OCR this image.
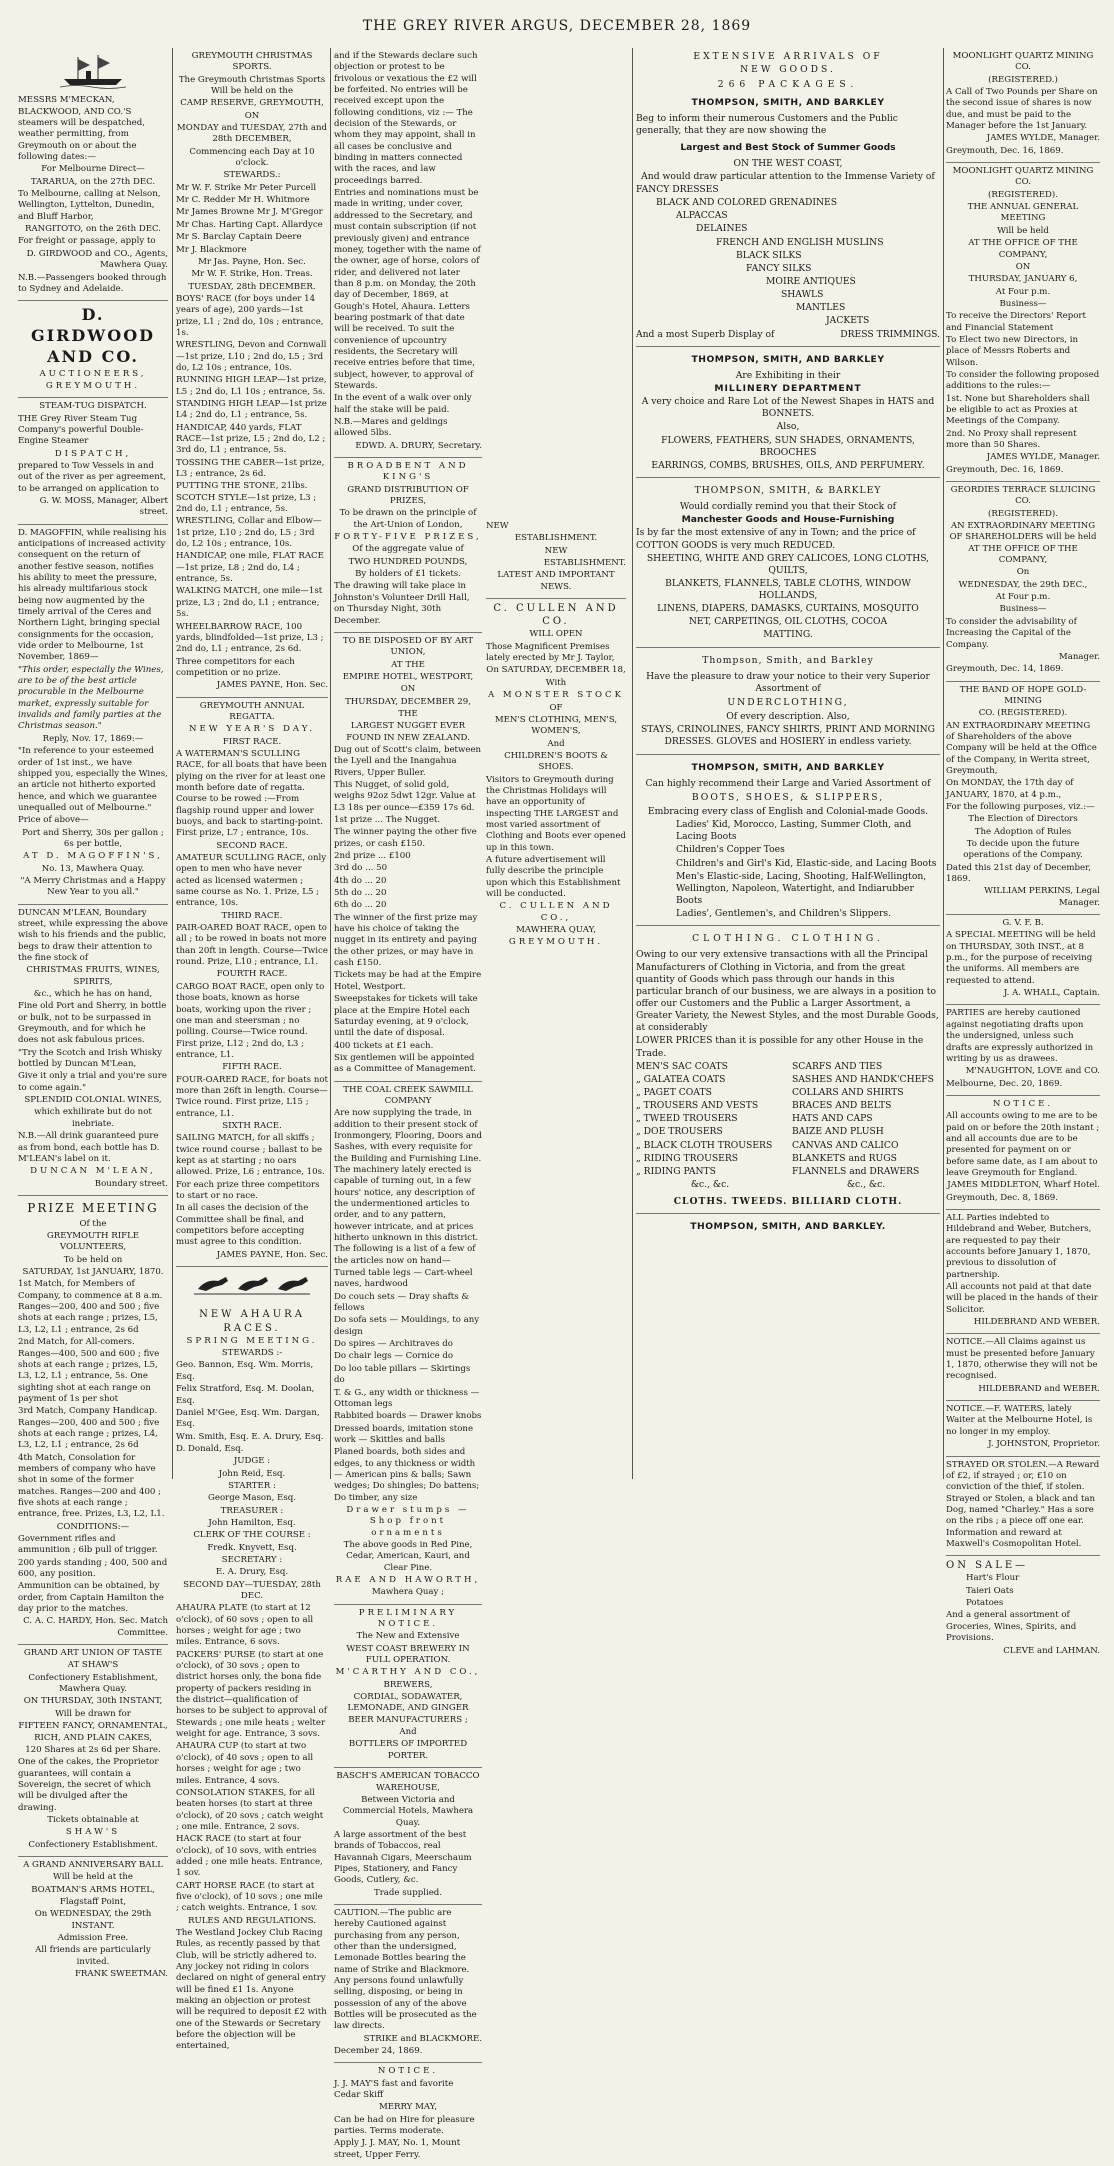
THE GREY RIVER ARGUS, DECEMBER 28, 1869

MESSRS M'MECKAN, BLACKWOOD, AND CO.'S steamers will be despatched, weather permitting, from Greymouth on or about the following dates:—

For Melbourne Direct—

TARARUA, on the 27th DEC.

To Melbourne, calling at Nelson, Wellington, Lyttelton, Dunedin, and Bluff Harbor,

RANGITOTO, on the 26th DEC.

For freight or passage, apply to

D. GIRDWOOD and CO., Agents, Mawhera Quay.

N.B.—Passengers booked through to Sydney and Adelaide.

D. GIRDWOOD AND CO.

AUCTIONEERS,

GREYMOUTH.

STEAM-TUG DISPATCH.

THE Grey River Steam Tug Company's powerful Double-Engine Steamer

DISPATCH,

prepared to Tow Vessels in and out of the river as per agreement, to be arranged on application to

G. W. MOSS, Manager, Albert street.

D. MAGOFFIN, while realising his anticipations of increased activity consequent on the return of another festive season, notifies his ability to meet the pressure, his already multifarious stock being now augmented by the timely arrival of the Ceres and Northern Light, bringing special consignments for the occasion, vide order to Melbourne, 1st November, 1869—

"This order, especially the Wines, are to be of the best article procurable in the Melbourne market, expressly suitable for invalids and family parties at the Christmas season."

Reply, Nov. 17, 1869:—

"In reference to your esteemed order of 1st inst., we have shipped you, especially the Wines, an article not hitherto exported hence, and which we guarantee unequalled out of Melbourne."

Price of above—

Port and Sherry, 30s per gallon ; 6s per bottle,

AT D. MAGOFFIN'S,

No. 13, Mawhera Quay.

"A Merry Christmas and a Happy New Year to you all."

DUNCAN M'LEAN, Boundary street, while expressing the above wish to his friends and the public, begs to draw their attention to the fine stock of

CHRISTMAS FRUITS, WINES, SPIRITS,

&c., which he has on hand,

Fine old Port and Sherry, in bottle or bulk, not to be surpassed in Greymouth, and for which he does not ask fabulous prices.

"Try the Scotch and Irish Whisky bottled by Duncan M'Lean,

Give it only a trial and you're sure to come again."

SPLENDID COLONIAL WINES,

which exhilirate but do not inebriate.

N.B.—All drink guaranteed pure as from bond, each bottle has D. M'LEAN's label on it.

DUNCAN M'LEAN,

Boundary street.

PRIZE MEETING

Of the

GREYMOUTH RIFLE VOLUNTEERS,

To be held on

SATURDAY, 1st JANUARY, 1870.

1st Match, for Members of Company, to commence at 8 a.m. Ranges—200, 400 and 500 ; five shots at each range ; prizes, L5, L3, L2, L1 ; entrance, 2s 6d

2nd Match, for All-comers. Ranges—400, 500 and 600 ; five shots at each range ; prizes, L5, L3, L2, L1 ; entrance, 5s. One sighting shot at each range on payment of 1s per shot

3rd Match, Company Handicap. Ranges—200, 400 and 500 ; five shots at each range ; prizes, L4, L3, L2, L1 ; entrance, 2s 6d

4th Match, Consolation for members of company who have shot in some of the former matches. Ranges—200 and 400 ; five shots at each range ; entrance, free. Prizes, L3, L2, L1.

CONDITIONS:—

Government rifles and ammunition ; 6lb pull of trigger.

200 yards standing ; 400, 500 and 600, any position.

Ammunition can be obtained, by order, from Captain Hamilton the day prior to the matches.

C. A. C. HARDY, Hon. Sec. Match Committee.

GRAND ART UNION OF TASTE

AT SHAW'S

Confectionery Establishment, Mawhera Quay.

ON THURSDAY, 30th INSTANT,

Will be drawn for

FIFTEEN FANCY, ORNAMENTAL, RICH, AND PLAIN CAKES,

120 Shares at 2s 6d per Share.

One of the cakes, the Proprietor guarantees, will contain a Sovereign, the secret of which will be divulged after the drawing.

Tickets obtainable at

SHAW'S

Confectionery Establishment.

A GRAND ANNIVERSARY BALL

Will be held at the

BOATMAN'S ARMS HOTEL,

Flagstaff Point,

On WEDNESDAY, the 29th INSTANT.

Admission Free.

All friends are particularly invited.

FRANK SWEETMAN.

GREYMOUTH CHRISTMAS SPORTS.

The Greymouth Christmas Sports Will be held on the

CAMP RESERVE, GREYMOUTH,

ON

MONDAY and TUESDAY, 27th and 28th DECEMBER,

Commencing each Day at 10 o'clock.

STEWARDS.:

Mr W. F. Strike Mr Peter Purcell

Mr C. Redder Mr H. Whitmore

Mr James Browne Mr J. M'Gregor

Mr Chas. Harting Capt. Allardyce

Mr S. Barclay Captain Deere

Mr J. Blackmore

Mr Jas. Payne, Hon. Sec.

Mr W. F. Strike, Hon. Treas.

TUESDAY, 28th DECEMBER.

BOYS' RACE (for boys under 14 years of age), 200 yards—1st prize, L1 ; 2nd do, 10s ; entrance, 1s.

WRESTLING, Devon and Cornwall—1st prize, L10 ; 2nd do, L5 ; 3rd do, L2 10s ; entrance, 10s.

RUNNING HIGH LEAP—1st prize, L5 ; 2nd do, L1 10s ; entrance, 5s.

STANDING HIGH LEAP—1st prize L4 ; 2nd do, L1 ; entrance, 5s.

HANDICAP, 440 yards, FLAT RACE—1st prize, L5 ; 2nd do, L2 ; 3rd do, L1 ; entrance, 5s.

TOSSING THE CABER—1st prize, L3 ; entrance, 2s 6d.

PUTTING THE STONE, 21lbs. SCOTCH STYLE—1st prize, L3 ; 2nd do, L1 ; entrance, 5s.

WRESTLING, Collar and Elbow—1st prize, L10 ; 2nd do, L5 ; 3rd do, L2 10s ; entrance, 10s.

HANDICAP, one mile, FLAT RACE—1st prize, L8 ; 2nd do, L4 ; entrance, 5s.

WALKING MATCH, one mile—1st prize, L3 ; 2nd do, L1 ; entrance, 5s.

WHEELBARROW RACE, 100 yards, blindfolded—1st prize, L3 ; 2nd do, L1 ; entrance, 2s 6d.

Three competitors for each competition or no prize.

JAMES PAYNE, Hon. Sec.

GREYMOUTH ANNUAL REGATTA.

NEW YEAR'S DAY.

FIRST RACE.

A WATERMAN'S SCULLING RACE, for all boats that have been plying on the river for at least one month before date of regatta. Course to be rowed :—From flagship round upper and lower buoys, and back to starting-point. First prize, L7 ; entrance, 10s.

SECOND RACE.

AMATEUR SCULLING RACE, only open to men who have never acted as licensed watermen ; same course as No. 1. Prize, L5 ; entrance, 10s.

THIRD RACE.

PAIR-OARED BOAT RACE, open to all ; to be rowed in boats not more than 20ft in length. Course—Twice round. Prize, L10 ; entrance, L1.

FOURTH RACE.

CARGO BOAT RACE, open only to those boats, known as horse boats, working upon the river ; one man and steersman ; no polling. Course—Twice round. First prize, L12 ; 2nd do, L3 ; entrance, L1.

FIFTH RACE.

FOUR-OARED RACE, for boats not more than 26ft in length. Course—Twice round. First prize, L15 ; entrance, L1.

SIXTH RACE.

SAILING MATCH, for all skiffs ; twice round course ; ballast to be kept as at starting ; no oars allowed. Prize, L6 ; entrance, 10s.

For each prize three competitors to start or no race.

In all cases the decision of the Committee shall be final, and competitors before accepting must agree to this condition.

JAMES PAYNE, Hon. Sec.

NEW AHAURA RACES.

SPRING MEETING.

STEWARDS :-

Geo. Bannon, Esq. Wm. Morris, Esq.

Felix Stratford, Esq. M. Doolan, Esq.

Daniel M'Gee, Esq. Wm. Dargan, Esq.

Wm. Smith, Esq. E. A. Drury, Esq.

D. Donald, Esq.

JUDGE :

John Reid, Esq.

STARTER :

George Mason, Esq.

TREASURER :

John Hamilton, Esq.

CLERK OF THE COURSE :

Fredk. Knyvett, Esq.

SECRETARY :

E. A. Drury, Esq.

SECOND DAY—TUESDAY, 28th DEC.

AHAURA PLATE (to start at 12 o'clock), of 60 sovs ; open to all horses ; weight for age ; two miles. Entrance, 6 sovs.

PACKERS' PURSE (to start at one o'clock), of 30 sovs ; open to district horses only, the bona fide property of packers residing in the district—qualification of horses to be subject to approval of Stewards ; one mile heats ; welter weight for age. Entrance, 3 sovs.

AHAURA CUP (to start at two o'clock), of 40 sovs ; open to all horses ; weight for age ; two miles. Entrance, 4 sovs.

CONSOLATION STAKES, for all beaten horses (to start at three o'clock), of 20 sovs ; catch weight ; one mile. Entrance, 2 sovs.

HACK RACE (to start at four o'clock), of 10 sovs, with entries added ; one mile heats. Entrance, 1 sov.

CART HORSE RACE (to start at five o'clock), of 10 sovs ; one mile ; catch weights. Entrance, 1 sov.

RULES AND REGULATIONS.

The Westland Jockey Club Racing Rules, as recently passed by that Club, will be strictly adhered to. Any jockey not riding in colors declared on night of general entry will be fined £1 1s. Anyone making an objection or protest will be required to deposit £2 with one of the Stewards or Secretary before the objection will be entertained,

and if the Stewards declare such objection or protest to be frivolous or vexatious the £2 will be forfeited. No entries will be received except upon the following conditions, viz :— The decision of the Stewards, or whom they may appoint, shall in all cases be conclusive and binding in matters connected with the races, and law proceedings barred.

Entries and nominations must be made in writing, under cover, addressed to the Secretary, and must contain subscription (if not previously given) and entrance money, together with the name of the owner, age of horse, colors of rider, and delivered not later than 8 p.m. on Monday, the 20th day of December, 1869, at Gough's Hotel, Ahaura. Letters bearing postmark of that date will be received. To suit the convenience of upcountry residents, the Secretary will receive entries before that time, subject, however, to approval of Stewards.

In the event of a walk over only half the stake will be paid.

N.B.—Mares and geldings allowed 5lbs.

EDWD. A. DRURY, Secretary.

BROADBENT AND KING'S

GRAND DISTRIBUTION OF PRIZES,

To be drawn on the principle of the Art-Union of London,

FORTY-FIVE PRIZES,

Of the aggregate value of

TWO HUNDRED POUNDS,

By holders of £1 tickets.

The drawing will take place in Johnston's Volunteer Drill Hall, on Thursday Night, 30th December.

TO BE DISPOSED OF BY ART UNION,

AT THE

EMPIRE HOTEL, WESTPORT,

ON

THURSDAY, DECEMBER 29,

THE

LARGEST NUGGET EVER FOUND IN NEW ZEALAND.

Dug out of Scott's claim, between the Lyell and the Inangahua Rivers, Upper Buller.

This Nugget, of solid gold, weighs 92oz 5dwt 12gr. Value at L3 18s per ounce—£359 17s 6d.

1st prize ... The Nugget.

The winner paying the other five prizes, or cash £150.

2nd prize ... £100

3rd do ... 50

4th do ... 20

5th do ... 20

6th do ... 20

The winner of the first prize may have his choice of taking the nugget in its entirety and paying the other prizes, or may have in cash £150.

Tickets may be had at the Empire Hotel, Westport.

Sweepstakes for tickets will take place at the Empire Hotel each Saturday evening, at 9 o'clock, until the date of disposal.

400 tickets at £1 each.

Six gentlemen will be appointed as a Committee of Management.

THE COAL CREEK SAWMILL COMPANY

Are now supplying the trade, in addition to their present stock of Ironmongery, Flooring, Doors and Sashes, with every requisite for the Building and Furnishing Line. The machinery lately erected is capable of turning out, in a few hours' notice, any description of the undermentioned articles to order, and to any pattern, however intricate, and at prices hitherto unknown in this district. The following is a list of a few of the articles now on hand—

Turned table legs — Cart-wheel naves, hardwood

Do couch sets — Dray shafts & fellows

Do sofa sets — Mouldings, to any design

Do spires — Architraves do

Do chair legs — Cornice do

Do loo table pillars — Skirtings do

T. & G., any width or thickness — Ottoman legs

Rabbited boards — Drawer knobs

Dressed boards, imitation stone work — Skittles and balls

Planed boards, both sides and edges, to any thickness or width — American pins & balls; Sawn wedges; Do shingles; Do battens; Do timber, any size

Drawer stumps — Shop front ornaments

The above goods in Red Pine, Cedar, American, Kauri, and Clear Pine.

RAE AND HAWORTH,

Mawhera Quay ;

PRELIMINARY NOTICE.

The New and Extensive

WEST COAST BREWERY IN FULL OPERATION.

M'CARTHY AND CO.,

BREWERS,

CORDIAL, SODAWATER, LEMONADE, AND GINGER BEER MANUFACTURERS ;

And

BOTTLERS OF IMPORTED PORTER.

BASCH'S AMERICAN TOBACCO WAREHOUSE,

Between Victoria and Commercial Hotels, Mawhera Quay.

A large assortment of the best brands of Tobaccos, real Havannah Cigars, Meerschaum Pipes, Stationery, and Fancy Goods, Cutlery, &c.

Trade supplied.

CAUTION.—The public are hereby Cautioned against purchasing from any person, other than the undersigned, Lemonade Bottles bearing the name of Strike and Blackmore. Any persons found unlawfully selling, disposing, or being in possession of any of the above Bottles will be prosecuted as the law directs.

STRIKE and BLACKMORE.

December 24, 1869.

NOTICE.

J. J. MAY'S fast and favorite Cedar Skiff

MERRY MAY,

Can be had on Hire for pleasure parties. Terms moderate.

Apply J. J. MAY, No. 1, Mount street, Upper Ferry.

NEW

ESTABLISHMENT.

NEW

ESTABLISHMENT.

LATEST AND IMPORTANT NEWS.

C. CULLEN AND CO.

WILL OPEN

Those Magnificent Premises lately erected by Mr J. Taylor,

On SATURDAY, DECEMBER 18,

With

A MONSTER STOCK

OF

MEN'S CLOTHING, MEN'S, WOMEN'S,

And

CHILDREN'S BOOTS & SHOES.

Visitors to Greymouth during the Christmas Holidays will have an opportunity of inspecting THE LARGEST and most varied assortment of Clothing and Boots ever opened up in this town.

A future advertisement will fully describe the principle upon which this Establishment will be conducted.

C. CULLEN AND CO.,

MAWHERA QUAY,

GREYMOUTH.

EXTENSIVE ARRIVALS OF

NEW GOODS.

266 PACKAGES.

THOMPSON, SMITH, AND BARKLEY

Beg to inform their numerous Customers and the Public generally, that they are now showing the

Largest and Best Stock of Summer Goods

ON THE WEST COAST,

And would draw particular attention to the Immense Variety of

FANCY DRESSES

BLACK AND COLORED GRENADINES

ALPACCAS

DELAINES

FRENCH AND ENGLISH MUSLINS

BLACK SILKS

FANCY SILKS

MOIRE ANTIQUES

SHAWLS

MANTLES

JACKETS

And a most Superb Display of	DRESS TRIMMINGS.

THOMPSON, SMITH, AND BARKLEY

Are Exhibiting in their

MILLINERY DEPARTMENT

A very choice and Rare Lot of the Newest Shapes in HATS and BONNETS.

Also,

FLOWERS, FEATHERS, SUN SHADES, ORNAMENTS, BROOCHES

EARRINGS, COMBS, BRUSHES, OILS, AND PERFUMERY.

THOMPSON, SMITH, & BARKLEY

Would cordially remind you that their Stock of

Manchester Goods and House-Furnishing

Is by far the most extensive of any in Town; and the price of COTTON GOODS is very much REDUCED.

SHEETING, WHITE AND GREY CALICOES, LONG CLOTHS, QUILTS,

BLANKETS, FLANNELS, TABLE CLOTHS, WINDOW HOLLANDS,

LINENS, DIAPERS, DAMASKS, CURTAINS, MOSQUITO

NET, CARPETINGS, OIL CLOTHS, COCOA

MATTING.

Thompson, Smith, and Barkley

Have the pleasure to draw your notice to their very Superior Assortment of

UNDERCLOTHING,

Of every description. Also,

STAYS, CRINOLINES, FANCY SHIRTS, PRINT AND MORNING DRESSES. GLOVES and HOSIERY in endless variety.

THOMPSON, SMITH, AND BARKLEY

Can highly recommend their Large and Varied Assortment of

BOOTS, SHOES, & SLIPPERS,

Embracing every class of English and Colonial-made Goods.

Ladies' Kid, Morocco, Lasting, Summer Cloth, and Lacing Boots

Children's Copper Toes

Children's and Girl's Kid, Elastic-side, and Lacing Boots

Men's Elastic-side, Lacing, Shooting, Half-Wellington, Wellington, Napoleon, Watertight, and Indiarubber Boots

Ladies', Gentlemen's, and Children's Slippers.

CLOTHING. CLOTHING.

Owing to our very extensive transactions with all the Principal Manufacturers of Clothing in Victoria, and from the great quantity of Goods which pass through our hands in this particular branch of our business, we are always in a position to offer our Customers and the Public a Larger Assortment, a Greater Variety, the Newest Styles, and the most Durable Goods, at considerably

LOWER PRICES than it is possible for any other House in the Trade.

MEN'S SAC COATS

„ GALATEA COATS

„ PAGET COATS

„ TROUSERS AND VESTS

„ TWEED TROUSERS

„ DOE TROUSERS

„ BLACK CLOTH TROUSERS

„ RIDING TROUSERS

„ RIDING PANTS

&c., &c.

SCARFS AND TIES

SASHES AND HANDK'CHEFS

COLLARS AND SHIRTS

BRACES AND BELTS

HATS AND CAPS

BAIZE AND PLUSH

CANVAS AND CALICO

BLANKETS and RUGS

FLANNELS and DRAWERS

&c., &c.

CLOTHS. TWEEDS. BILLIARD CLOTH.

THOMPSON, SMITH, AND BARKLEY.

MOONLIGHT QUARTZ MINING CO.

(REGISTERED.)

A Call of Two Pounds per Share on the second issue of shares is now due, and must be paid to the Manager before the 1st January.

JAMES WYLDE, Manager.

Greymouth, Dec. 16, 1869.

MOONLIGHT QUARTZ MINING CO.

(REGISTERED).

THE ANNUAL GENERAL MEETING

Will be held

AT THE OFFICE OF THE COMPANY,

ON

THURSDAY, JANUARY 6,

At Four p.m.

Business—

To receive the Directors' Report and Financial Statement

To Elect two new Directors, in place of Messrs Roberts and Wilson.

To consider the following proposed additions to the rules:—

1st. None but Shareholders shall be eligible to act as Proxies at Meetings of the Company.

2nd. No Proxy shall represent more than 50 Shares.

JAMES WYLDE, Manager.

Greymouth, Dec. 16, 1869.

GEORDIES TERRACE SLUICING CO.

(REGISTERED).

AN EXTRAORDINARY MEETING OF SHAREHOLDERS will be held AT THE OFFICE OF THE COMPANY,

On

WEDNESDAY, the 29th DEC.,

At Four p.m.

Business—

To consider the advisability of Increasing the Capital of the Company.

Manager.

Greymouth, Dec. 14, 1869.

THE BAND OF HOPE GOLD-MINING

CO. (REGISTERED).

AN EXTRAORDINARY MEETING of Shareholders of the above Company will be held at the Office of the Company, in Werita street, Greymouth,

On MONDAY, the 17th day of JANUARY, 1870, at 4 p.m.,

For the following purposes, viz.:—

The Election of Directors

The Adoption of Rules

To decide upon the future operations of the Company.

Dated this 21st day of December, 1869.

WILLIAM PERKINS, Legal Manager.

G. V. F. B.

A SPECIAL MEETING will be held on THURSDAY, 30th INST., at 8 p.m., for the purpose of receiving the uniforms. All members are requested to attend.

J. A. WHALL, Captain.

PARTIES are hereby cautioned against negotiating drafts upon the undersigned, unless such drafts are expressly authorized in writing by us as drawees.

M'NAUGHTON, LOVE and CO.

Melbourne, Dec. 20, 1869.

NOTICE.

All accounts owing to me are to be paid on or before the 20th instant ; and all accounts due are to be presented for payment on or before same date, as I am about to leave Greymouth for England.

JAMES MIDDLETON, Wharf Hotel.

Greymouth, Dec. 8, 1869.

ALL Parties indebted to Hildebrand and Weber, Butchers, are requested to pay their accounts before January 1, 1870, previous to dissolution of partnership.

All accounts not paid at that date will be placed in the hands of their Solicitor.

HILDEBRAND AND WEBER.

NOTICE.—All Claims against us must be presented before January 1, 1870, otherwise they will not be recognised.

HILDEBRAND and WEBER.

NOTICE.—F. WATERS, lately Waiter at the Melbourne Hotel, is no longer in my employ.

J. JOHNSTON, Proprietor.

STRAYED OR STOLEN.—A Reward of £2, if strayed ; or, £10 on conviction of the thief, if stolen. Strayed or Stolen, a black and tan Dog, named "Charley." Has a sore on the ribs ; a piece off one ear. Information and reward at Maxwell's Cosmopolitan Hotel.

ON SALE—

Hart's Flour

Taieri Oats

Potatoes

And a general assortment of Groceries, Wines, Spirits, and Provisions.

CLEVE and LAHMAN.
